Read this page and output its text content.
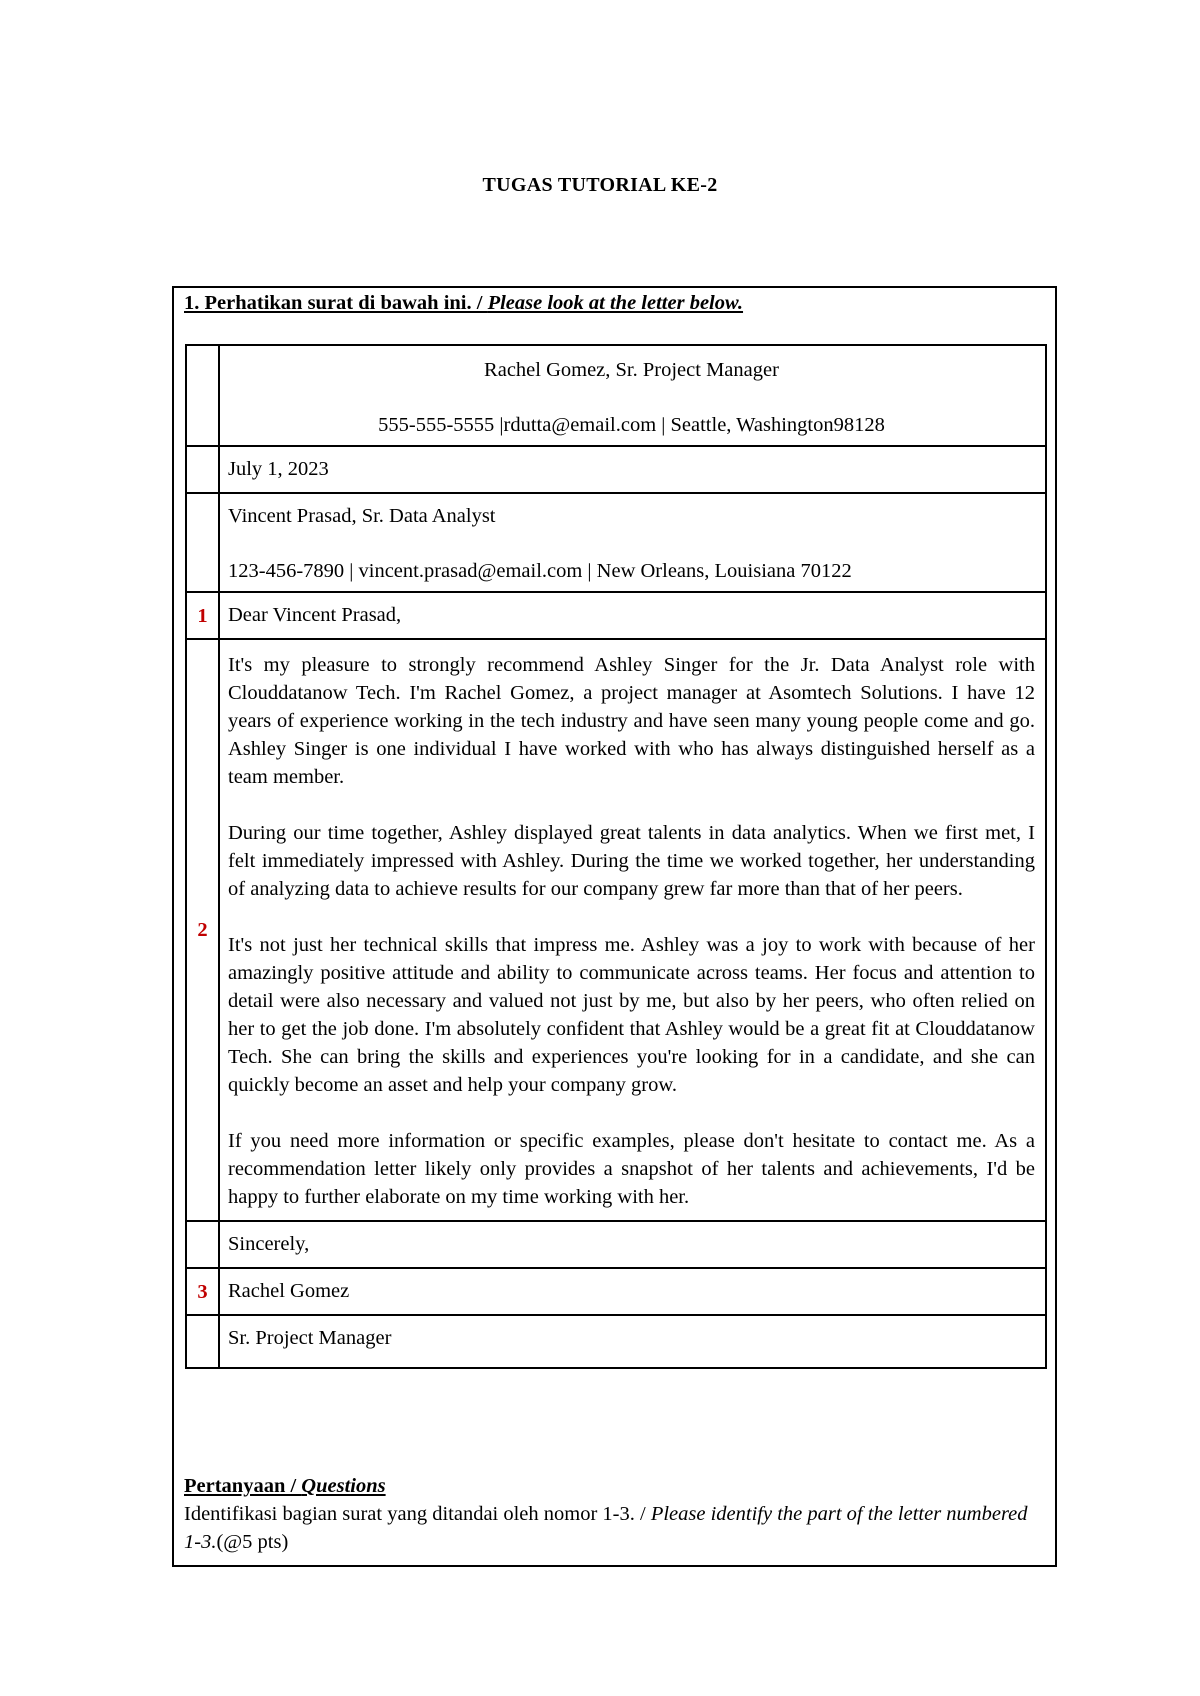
TUGAS TUTORIAL KE-2
1. Perhatikan surat di bawah ini. / Please look at the letter below.

	Rachel Gomez, Sr. Project Manager
555-555-5555 |rdutta@email.com | Seattle, Washington98128

	July 1, 2023

	Vincent Prasad, Sr. Data Analyst
123-456-7890 | vincent.prasad@email.com | New Orleans, Louisiana 70122

1	Dear Vincent Prasad,

2	It's my pleasure to strongly recommend Ashley Singer for the Jr. Data Analyst role with Clouddatanow Tech. I'm Rachel Gomez, a project manager at Asomtech Solutions. I have 12 years of experience working in the tech industry and have seen many young people come and go. Ashley Singer is one individual I have worked with who has always distinguished herself as a team member.

During our time together, Ashley displayed great talents in data analytics. When we first met, I felt immediately impressed with Ashley. During the time we worked together, her understanding of analyzing data to achieve results for our company grew far more than that of her peers.

It's not just her technical skills that impress me. Ashley was a joy to work with because of her amazingly positive attitude and ability to communicate across teams. Her focus and attention to detail were also necessary and valued not just by me, but also by her peers, who often relied on her to get the job done. I'm absolutely confident that Ashley would be a great fit at Clouddatanow Tech. She can bring the skills and experiences you're looking for in a candidate, and she can quickly become an asset and help your company grow.

If you need more information or specific examples, please don't hesitate to contact me. As a recommendation letter likely only provides a snapshot of her talents and achievements, I'd be happy to further elaborate on my time working with her.

	Sincerely,

3	Rachel Gomez

	Sr. Project Manager
Pertanyaan / Questions
Identifikasi bagian surat yang ditandai oleh nomor 1-3. / Please identify the part of the letter numbered 1-3.(@5 pts)
